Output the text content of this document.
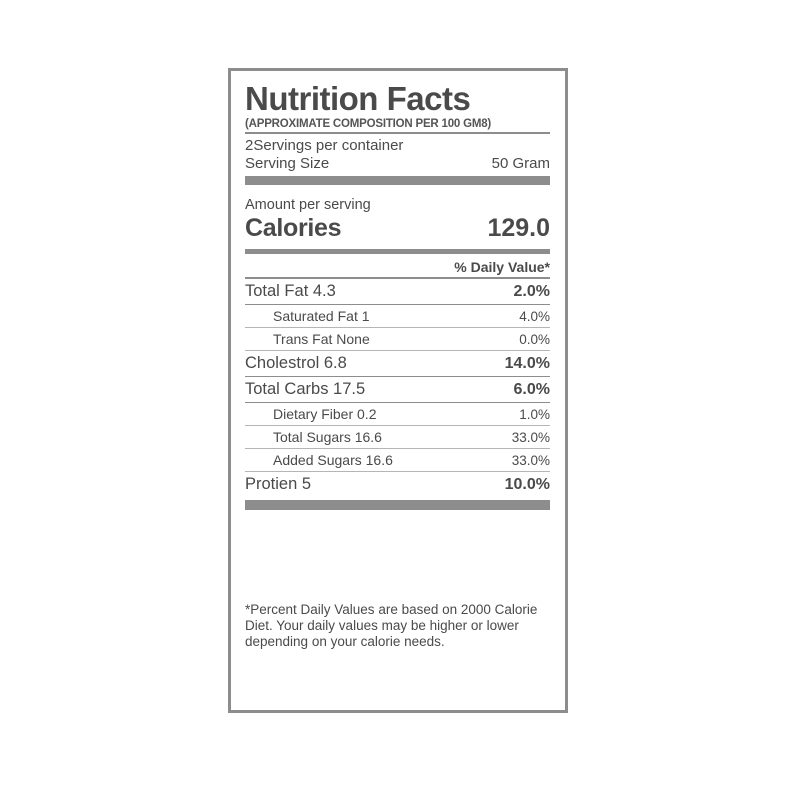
Nutrition Facts
(APPROXIMATE COMPOSITION PER 100 GM8)
2Servings per container
Serving Size	50 Gram
Amount per serving
Calories	129.0
% Daily Value*
Total Fat 4.3	2.0%
Saturated Fat 1	4.0%
Trans Fat None	0.0%
Cholestrol 6.8	14.0%
Total Carbs 17.5	6.0%
Dietary Fiber 0.2	1.0%
Total Sugars 16.6	33.0%
Added Sugars 16.6	33.0%
Protien 5	10.0%
*Percent Daily Values are based on 2000 Calorie Diet. Your daily values may be higher or lower depending on your calorie needs.
